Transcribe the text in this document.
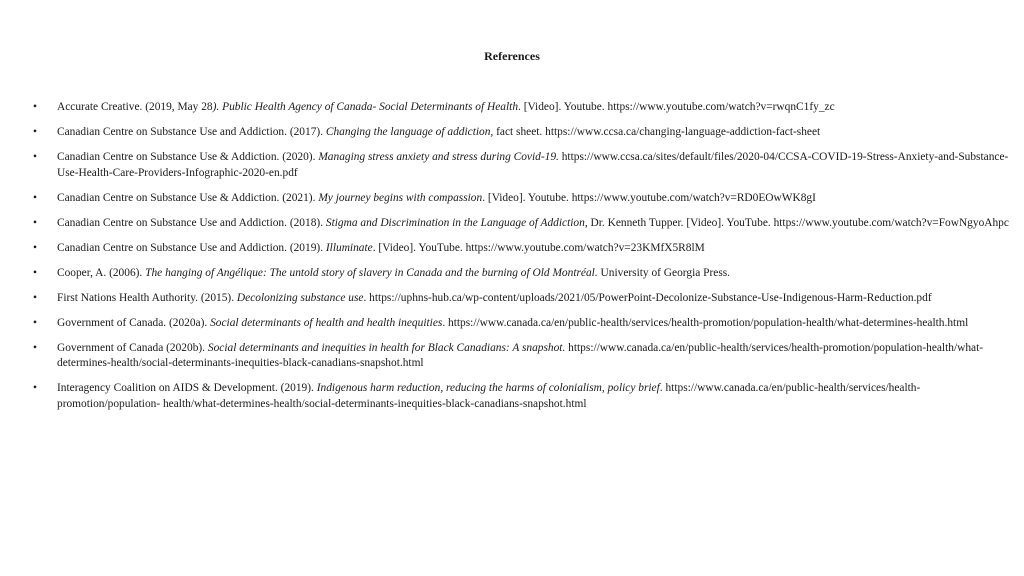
References
• Accurate Creative. (2019, May 28). Public Health Agency of Canada- Social Determinants of Health. [Video]. Youtube. https://www.youtube.com/watch?v=rwqnC1fy_zc
• Canadian Centre on Substance Use and Addiction. (2017). Changing the language of addiction, fact sheet. https://www.ccsa.ca/changing-language-addiction-fact-sheet
• Canadian Centre on Substance Use & Addiction. (2020). Managing stress anxiety and stress during Covid-19. https://www.ccsa.ca/sites/default/files/2020-04/CCSA-COVID-19-Stress-Anxiety-and-Substance-Use-Health-Care-Providers-Infographic-2020-en.pdf
• Canadian Centre on Substance Use & Addiction. (2021). My journey begins with compassion. [Video]. Youtube. https://www.youtube.com/watch?v=RD0EOwWK8gI
• Canadian Centre on Substance Use and Addiction. (2018). Stigma and Discrimination in the Language of Addiction, Dr. Kenneth Tupper. [Video]. YouTube. https://www.youtube.com/watch?v=FowNgyoAhpc
• Canadian Centre on Substance Use and Addiction. (2019). Illuminate. [Video]. YouTube. https://www.youtube.com/watch?v=23KMfX5R8lM
• Cooper, A. (2006). The hanging of Angélique: The untold story of slavery in Canada and the burning of Old Montréal. University of Georgia Press.
• First Nations Health Authority. (2015). Decolonizing substance use. https://uphns-hub.ca/wp-content/uploads/2021/05/PowerPoint-Decolonize-Substance-Use-Indigenous-Harm-Reduction.pdf
• Government of Canada. (2020a). Social determinants of health and health inequities. https://www.canada.ca/en/public-health/services/health-promotion/population-health/what-determines-health.html
• Government of Canada (2020b). Social determinants and inequities in health for Black Canadians: A snapshot. https://www.canada.ca/en/public-health/services/health-promotion/population-health/what-determines-health/social-determinants-inequities-black-canadians-snapshot.html
• Interagency Coalition on AIDS & Development. (2019). Indigenous harm reduction, reducing the harms of colonialism, policy brief. https://www.canada.ca/en/public-health/services/health-promotion/population- health/what-determines-health/social-determinants-inequities-black-canadians-snapshot.html
